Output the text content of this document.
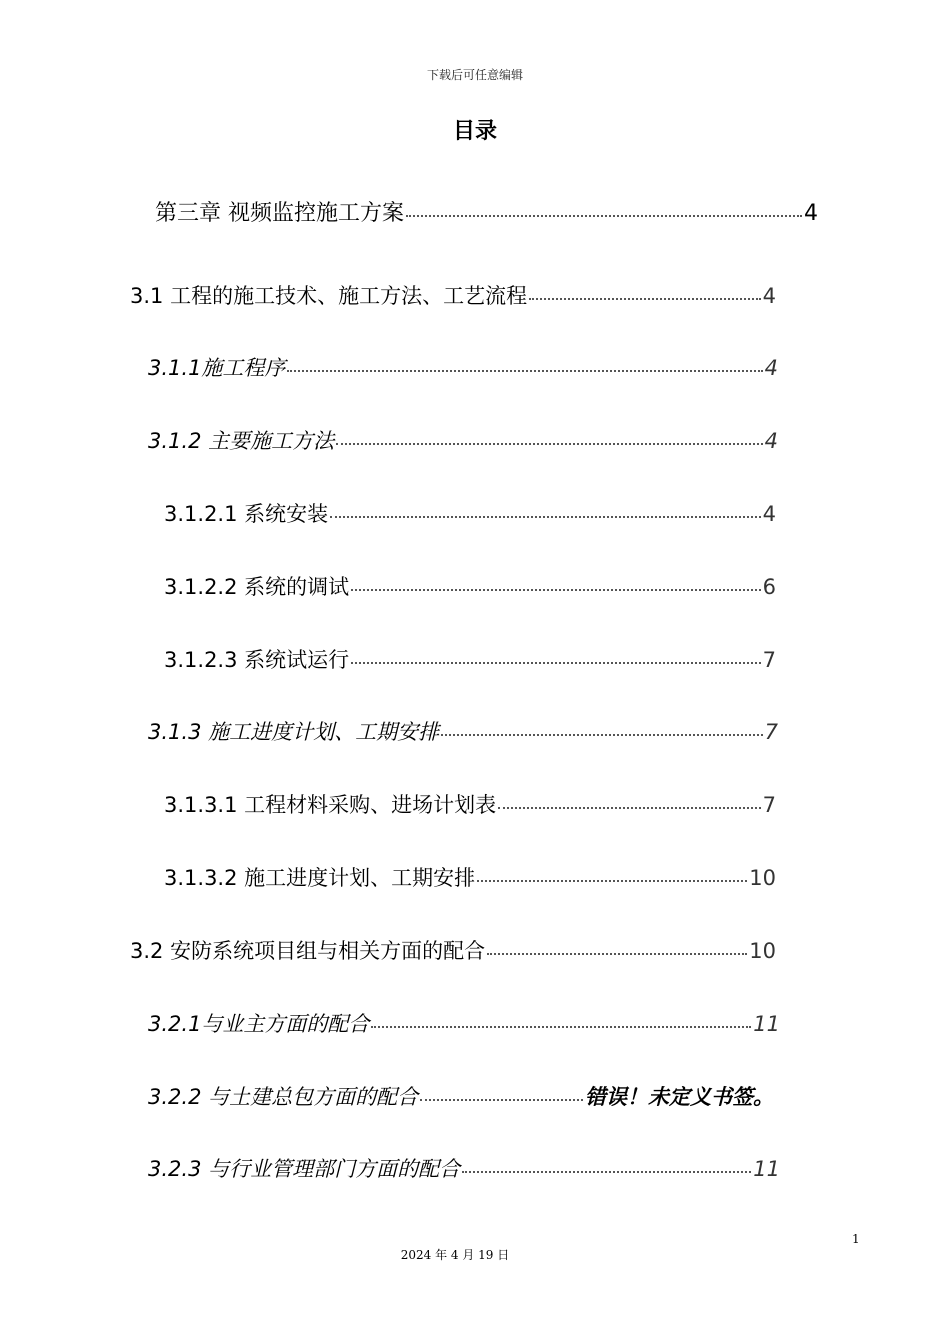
下载后可任意编辑
目录
第三章 视频监控施工方案	4
3.1 工程的施工技术、施工方法、工艺流程	4
3.1.1施工程序	4
3.1.2 主要施工方法	4
3.1.2.1 系统安装	4
3.1.2.2 系统的调试	6
3.1.2.3 系统试运行	7
3.1.3 施工进度计划、工期安排	7
3.1.3.1 工程材料采购、进场计划表	7
3.1.3.2 施工进度计划、工期安排	10
3.2 安防系统项目组与相关方面的配合	10
3.2.1与业主方面的配合	11
3.2.2 与土建总包方面的配合	错误！未定义书签。
3.2.3 与行业管理部门方面的配合	11
1
2024 年 4 月 19 日
